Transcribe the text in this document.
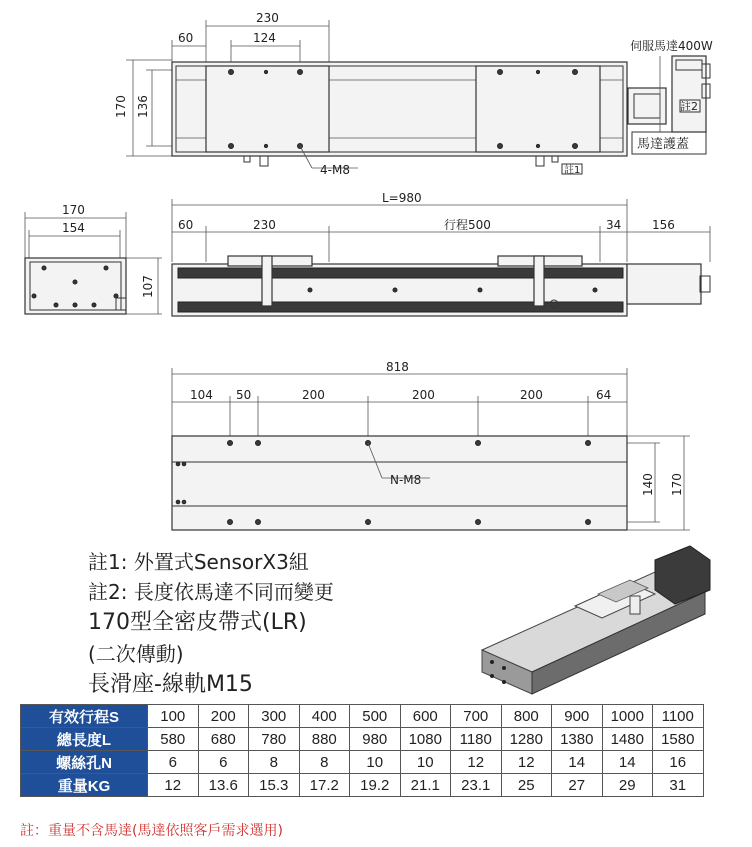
230
60	124
170 136
4-M8	註1
註2
伺服馬達400W
馬達護蓋
170
154
107
L=980
60	230	行程500	34	156
818
104 50	200	200	200	64
N-M8	140 170
註1: 外置式SensorX3組
註2: 長度依馬達不同而變更
170型全密皮帶式(LR)
(二次傳動)
長滑座-線軌M15
有效行程S	100	200	300	400	500	600	700	800	900	1000	1100
總長度L	580	680	780	880	980	1080	1180	1280	1380	1480	1580
螺絲孔N	6	6	8	8	10	10	12	12	14	14	16
重量KG	12	13.6	15.3	17.2	19.2	21.1	23.1	25	27	29	31
註：重量不含馬達(馬達依照客戶需求選用)
